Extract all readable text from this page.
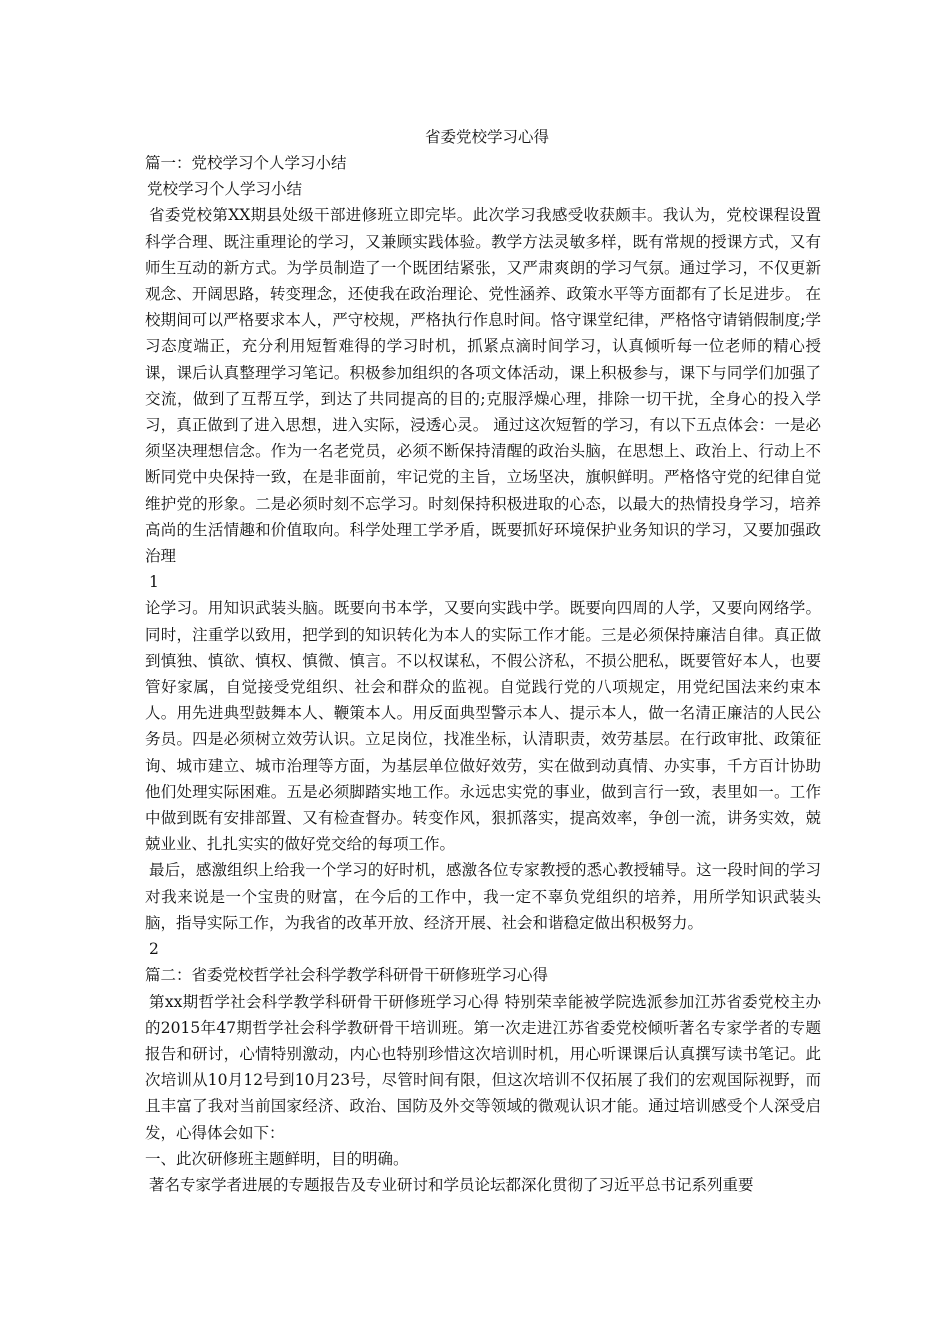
省委党校学习心得
篇一：党校学习个人学习小结
党校学习个人学习小结
省委党校第XX期县处级干部进修班立即完毕。此次学习我感受收获颇丰。我认为，党校课程设置科学合理、既注重理论的学习，又兼顾实践体验。教学方法灵敏多样，既有常规的授课方式，又有师生互动的新方式。为学员制造了一个既团结紧张，又严肃爽朗的学习气氛。通过学习，不仅更新观念、开阔思路，转变理念，还使我在政治理论、党性涵养、政策水平等方面都有了长足进步。 在校期间可以严格要求本人，严守校规，严格执行作息时间。恪守课堂纪律，严格恪守请销假制度;学习态度端正，充分利用短暂难得的学习时机，抓紧点滴时间学习，认真倾听每一位老师的精心授课，课后认真整理学习笔记。积极参加组织的各项文体活动，课上积极参与，课下与同学们加强了交流，做到了互帮互学，到达了共同提高的目的;克服浮燥心理，排除一切干扰，全身心的投入学习，真正做到了进入思想，进入实际，浸透心灵。 通过这次短暂的学习，有以下五点体会：一是必须坚决理想信念。作为一名老党员，必须不断保持清醒的政治头脑，在思想上、政治上、行动上不断同党中央保持一致，在是非面前，牢记党的主旨，立场坚决，旗帜鲜明。严格恪守党的纪律自觉维护党的形象。二是必须时刻不忘学习。时刻保持积极进取的心态，以最大的热情投身学习，培养高尚的生活情趣和价值取向。科学处理工学矛盾，既要抓好环境保护业务知识的学习，又要加强政治理
1
论学习。用知识武装头脑。既要向书本学，又要向实践中学。既要向四周的人学，又要向网络学。同时，注重学以致用，把学到的知识转化为本人的实际工作才能。三是必须保持廉洁自律。真正做到慎独、慎欲、慎权、慎微、慎言。不以权谋私，不假公济私，不损公肥私，既要管好本人，也要管好家属，自觉接受党组织、社会和群众的监视。自觉践行党的八项规定，用党纪国法来约束本人。用先进典型鼓舞本人、鞭策本人。用反面典型警示本人、提示本人，做一名清正廉洁的人民公务员。四是必须树立效劳认识。立足岗位，找准坐标，认清职责，效劳基层。在行政审批、政策征询、城市建立、城市治理等方面，为基层单位做好效劳，实在做到动真情、办实事，千方百计协助他们处理实际困难。五是必须脚踏实地工作。永远忠实党的事业，做到言行一致，表里如一。工作中做到既有安排部置、又有检查督办。转变作风，狠抓落实，提高效率，争创一流，讲务实效，兢兢业业、扎扎实实的做好党交给的每项工作。
最后，感激组织上给我一个学习的好时机，感激各位专家教授的悉心教授辅导。这一段时间的学习对我来说是一个宝贵的财富，在今后的工作中，我一定不辜负党组织的培养，用所学知识武装头脑，指导实际工作，为我省的改革开放、经济开展、社会和谐稳定做出积极努力。
2
篇二：省委党校哲学社会科学教学科研骨干研修班学习心得
第xx期哲学社会科学教学科研骨干研修班学习心得 特别荣幸能被学院选派参加江苏省委党校主办的2015年47期哲学社会科学教研骨干培训班。第一次走进江苏省委党校倾听著名专家学者的专题报告和研讨，心情特别激动，内心也特别珍惜这次培训时机，用心听课课后认真撰写读书笔记。此次培训从10月12号到10月23号，尽管时间有限，但这次培训不仅拓展了我们的宏观国际视野，而且丰富了我对当前国家经济、政治、国防及外交等领域的微观认识才能。通过培训感受个人深受启发，心得体会如下：
一、此次研修班主题鲜明，目的明确。
著名专家学者进展的专题报告及专业研讨和学员论坛都深化贯彻了习近平总书记系列重要
